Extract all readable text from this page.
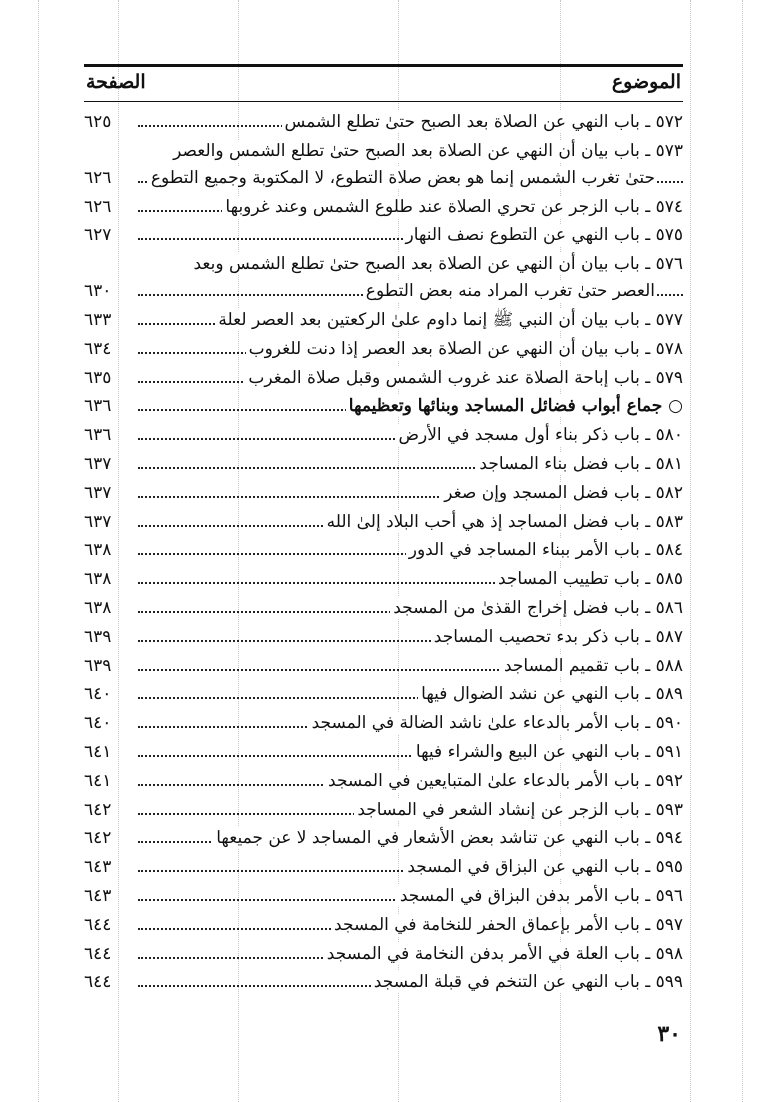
الموضوع
الصفحة
٥٧٢ ـ باب النهي عن الصلاة بعد الصبح حتىٰ تطلع الشمس
٦٢٥
٥٧٣ ـ باب بيان أن النهي عن الصلاة بعد الصبح حتىٰ تطلع الشمس والعصر
حتىٰ تغرب الشمس إنما هو بعض صلاة التطوع، لا المكتوبة وجميع التطوع
٦٢٦
٥٧٤ ـ باب الزجر عن تحري الصلاة عند طلوع الشمس وعند غروبها
٦٢٦
٥٧٥ ـ باب النهي عن التطوع نصف النهار
٦٢٧
٥٧٦ ـ باب بيان أن النهي عن الصلاة بعد الصبح حتىٰ تطلع الشمس وبعد
العصر حتىٰ تغرب المراد منه بعض التطوع
٦٣٠
٥٧٧ ـ باب بيان أن النبي ﷺ إنما داوم علىٰ الركعتين بعد العصر لعلة
٦٣٣
٥٧٨ ـ باب بيان أن النهي عن الصلاة بعد العصر إذا دنت للغروب
٦٣٤
٥٧٩ ـ باب إباحة الصلاة عند غروب الشمس وقبل صلاة المغرب
٦٣٥
○ جماع أبواب فضائل المساجد وبنائها وتعظيمها
٦٣٦
٥٨٠ ـ باب ذكر بناء أول مسجد في الأرض
٦٣٦
٥٨١ ـ باب فضل بناء المساجد
٦٣٧
٥٨٢ ـ باب فضل المسجد وإن صغر
٦٣٧
٥٨٣ ـ باب فضل المساجد إذ هي أحب البلاد إلىٰ الله
٦٣٧
٥٨٤ ـ باب الأمر ببناء المساجد في الدور
٦٣٨
٥٨٥ ـ باب تطييب المساجد
٦٣٨
٥٨٦ ـ باب فضل إخراج القذىٰ من المسجد
٦٣٨
٥٨٧ ـ باب ذكر بدء تحصيب المساجد
٦٣٩
٥٨٨ ـ باب تقميم المساجد
٦٣٩
٥٨٩ ـ باب النهي عن نشد الضوال فيها
٦٤٠
٥٩٠ ـ باب الأمر بالدعاء علىٰ ناشد الضالة في المسجد
٦٤٠
٥٩١ ـ باب النهي عن البيع والشراء فيها
٦٤١
٥٩٢ ـ باب الأمر بالدعاء علىٰ المتبايعين في المسجد
٦٤١
٥٩٣ ـ باب الزجر عن إنشاد الشعر في المساجد
٦٤٢
٥٩٤ ـ باب النهي عن تناشد بعض الأشعار في المساجد لا عن جميعها
٦٤٢
٥٩٥ ـ باب النهي عن البزاق في المسجد
٦٤٣
٥٩٦ ـ باب الأمر بدفن البزاق في المسجد
٦٤٣
٥٩٧ ـ باب الأمر بإعماق الحفر للنخامة في المسجد
٦٤٤
٥٩٨ ـ باب العلة في الأمر بدفن النخامة في المسجد
٦٤٤
٥٩٩ ـ باب النهي عن التنخم في قبلة المسجد
٦٤٤
٣٠
